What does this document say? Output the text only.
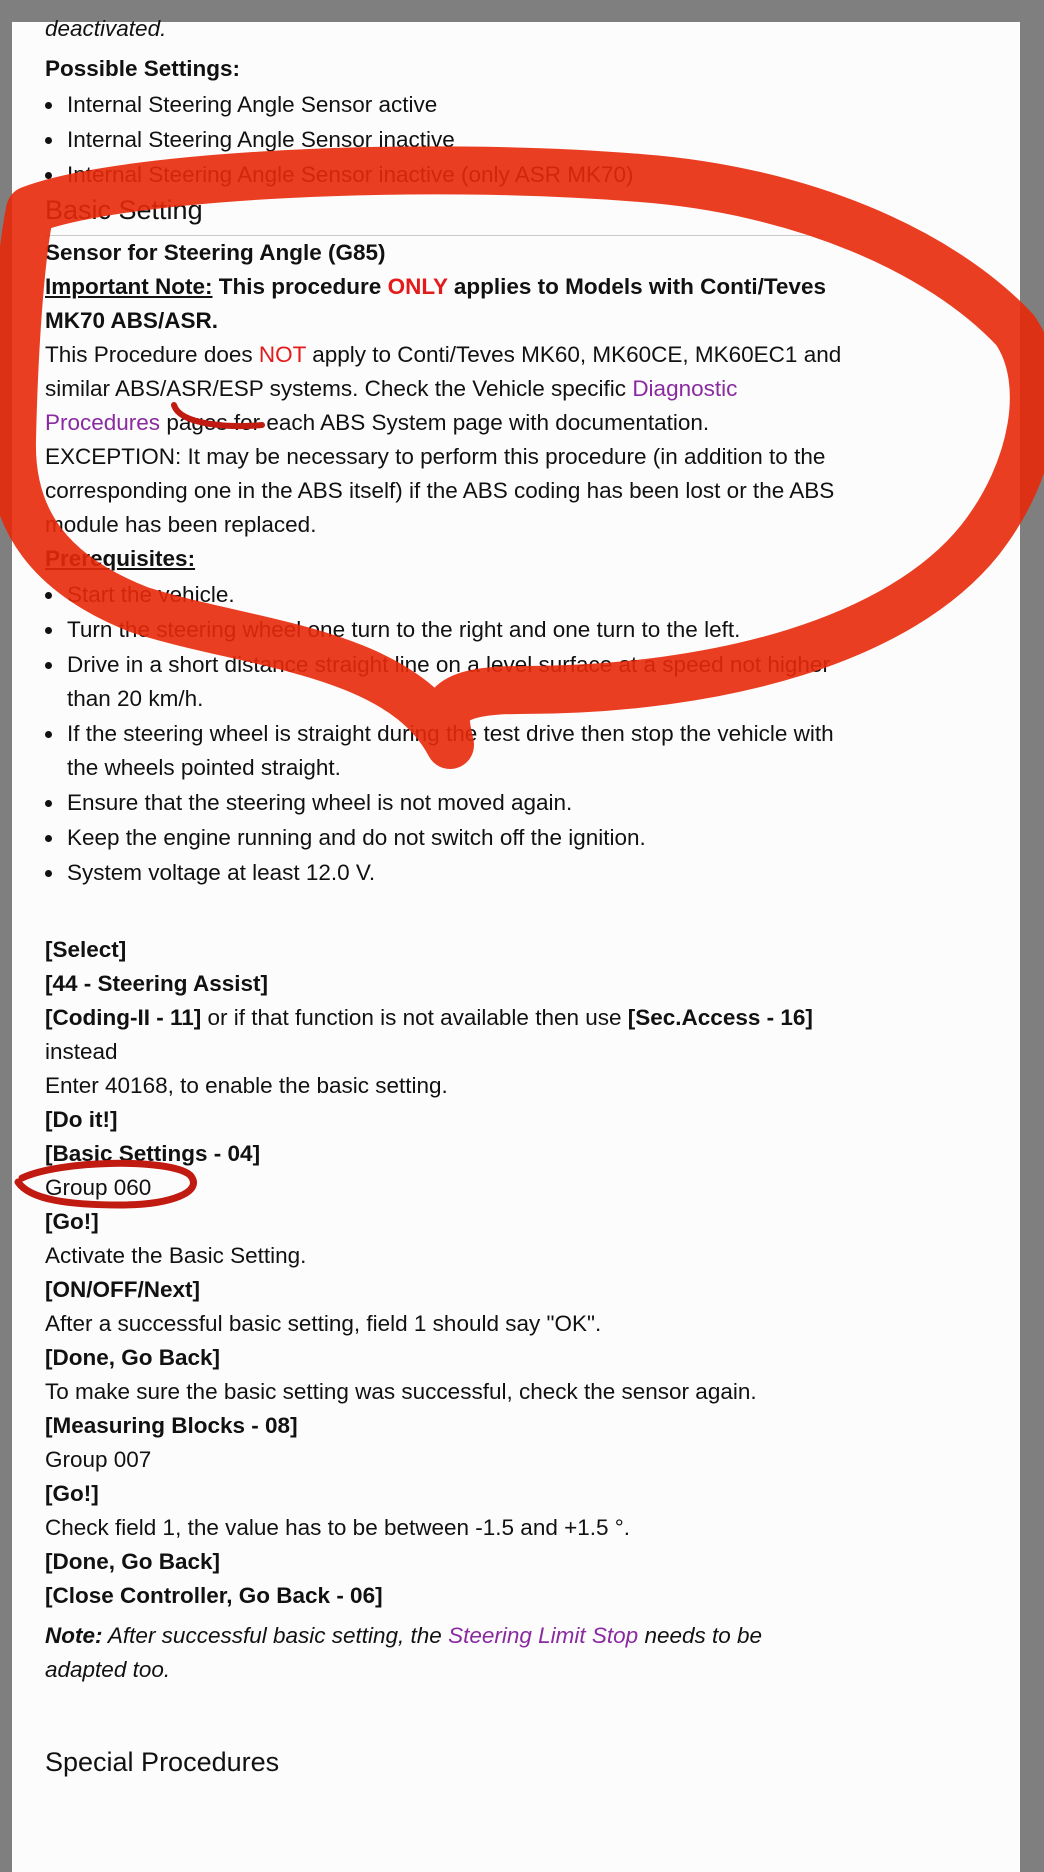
deactivated.

Possible Settings:

Internal Steering Angle Sensor active
Internal Steering Angle Sensor inactive
Internal Steering Angle Sensor inactive (only ASR MK70)
Basic Setting

Sensor for Steering Angle (G85)

Important Note: This procedure ONLY applies to Models with Conti/Teves MK70 ABS/ASR.

This Procedure does NOT apply to Conti/Teves MK60, MK60CE, MK60EC1 and similar ABS/ASR/ESP systems. Check the Vehicle specific Diagnostic Procedures pages for each ABS System page with documentation.

EXCEPTION: It may be necessary to perform this procedure (in addition to the corresponding one in the ABS itself) if the ABS coding has been lost or the ABS module has been replaced.

Prerequisites:

Start the vehicle.
Turn the steering wheel one turn to the right and one turn to the left.
Drive in a short distance straight line on a level surface at a speed not higher than 20 km/h.
If the steering wheel is straight during the test drive then stop the vehicle with the wheels pointed straight.
Ensure that the steering wheel is not moved again.
Keep the engine running and do not switch off the ignition.
System voltage at least 12.0 V.

[Select]

[44 - Steering Assist]

[Coding-II - 11] or if that function is not available then use [Sec.Access - 16] instead

Enter 40168, to enable the basic setting.

[Do it!]

[Basic Settings - 04]

Group 060

[Go!]

Activate the Basic Setting.

[ON/OFF/Next]

After a successful basic setting, field 1 should say "OK".

[Done, Go Back]

To make sure the basic setting was successful, check the sensor again.

[Measuring Blocks - 08]

Group 007

[Go!]

Check field 1, the value has to be between -1.5 and +1.5 °.

[Done, Go Back]

[Close Controller, Go Back - 06]

Note: After successful basic setting, the Steering Limit Stop needs to be adapted too.

Special Procedures
